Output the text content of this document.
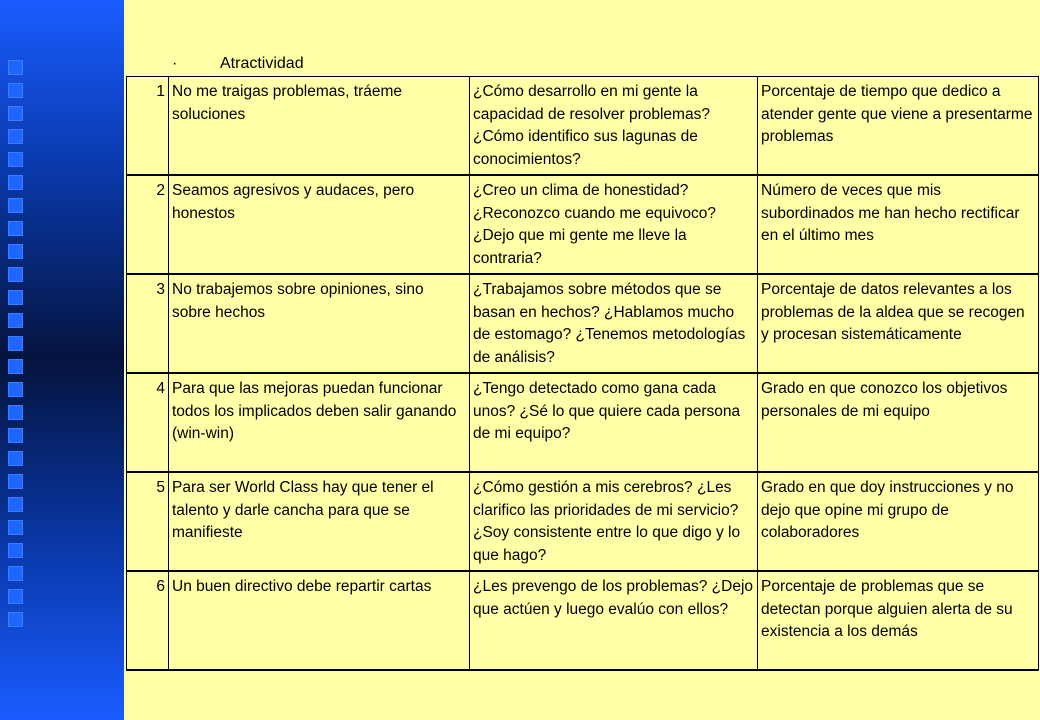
·	Atractividad
1	No me traigas problemas, tráeme soluciones	¿Cómo desarrollo en mi gente la capacidad de resolver problemas? ¿Cómo identifico sus lagunas de conocimientos?	Porcentaje de tiempo que dedico a atender gente que viene a presentarme problemas
2	Seamos agresivos y audaces, pero honestos	¿Creo un clima de honestidad? ¿Reconozco cuando me equivoco? ¿Dejo que mi gente me lleve la contraria?	Número de veces que mis subordinados me han hecho rectificar en el último mes
3	No trabajemos sobre opiniones, sino sobre hechos	¿Trabajamos sobre métodos que se basan en hechos? ¿Hablamos mucho de estomago? ¿Tenemos metodologías de análisis?	Porcentaje de datos relevantes a los problemas de la aldea que se recogen y procesan sistemáticamente
4	Para que las mejoras puedan funcionar todos los implicados deben salir ganando (win-win)	¿Tengo detectado como gana cada unos? ¿Sé lo que quiere cada persona de mi equipo?	Grado en que conozco los objetivos personales de mi equipo
5	Para ser World Class hay que tener el talento y darle cancha para que se manifieste	¿Cómo gestión a mis cerebros? ¿Les clarifico las prioridades de mi servicio? ¿Soy consistente entre lo que digo y lo que hago?	Grado en que doy instrucciones y no dejo que opine mi grupo de colaboradores
6	Un buen directivo debe repartir cartas	¿Les prevengo de los problemas? ¿Dejo que actúen y luego evalúo con ellos?	Porcentaje de problemas que se detectan porque alguien alerta de su existencia a los demás
